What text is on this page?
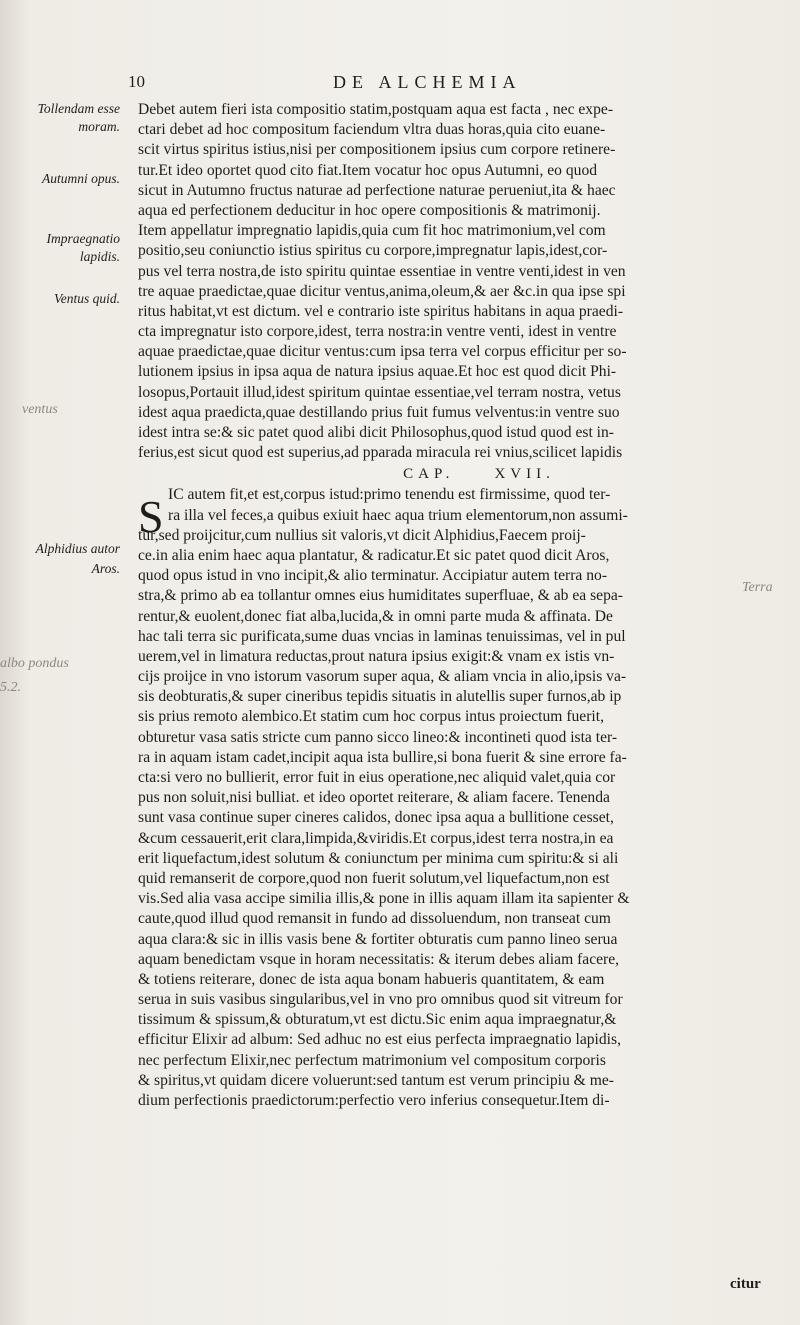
10	DE ALCHEMIA
Tollendam esse moram.
Autumni opus.
Impraegnatio lapidis.
Ventus quid.
Alphidius autor
Aros.
ventus
Terra
albo pondus
5.2.
S
Debet autem fieri ista compositio statim,postquam aqua est facta , nec expe-
ctari debet ad hoc compositum faciendum vltra duas horas,quia cito euane-
scit virtus spiritus istius,nisi per compositionem ipsius cum corpore retinere-
tur.Et ideo oportet quod cito fiat.Item vocatur hoc opus Autumni, eo quod
sicut in Autumno fructus naturae ad perfectione naturae perueniut,ita & haec
aqua ed perfectionem deducitur in hoc opere compositionis & matrimonij.
Item appellatur impregnatio lapidis,quia cum fit hoc matrimonium,vel com
positio,seu coniunctio istius spiritus cu corpore,impregnatur lapis,idest,cor-
pus vel terra nostra,de isto spiritu quintae essentiae in ventre venti,idest in ven
tre aquae praedictae,quae dicitur ventus,anima,oleum,& aer &c.in qua ipse spi
ritus habitat,vt est dictum. vel e contrario iste spiritus habitans in aqua praedi-
cta impregnatur isto corpore,idest, terra nostra:in ventre venti, idest in ventre
aquae praedictae,quae dicitur ventus:cum ipsa terra vel corpus efficitur per so-
lutionem ipsius in ipsa aqua de natura ipsius aquae.Et hoc est quod dicit Phi-
losopus,Portauit illud,idest spiritum quintae essentiae,vel terram nostra, vetus
idest aqua praedicta,quae destillando prius fuit fumus velventus:in ventre suo
idest intra se:& sic patet quod alibi dicit Philosophus,quod istud quod est in-
ferius,est sicut quod est superius,ad pparada miracula rei vnius,scilicet lapidis
CAP.	XVII.
IC autem fit,et est,corpus istud:primo tenendu est firmissime, quod ter-
ra illa vel feces,a quibus exiuit haec aqua trium elementorum,non assumi-
tur,sed proijcitur,cum nullius sit valoris,vt dicit Alphidius,Faecem proij-
ce.in alia enim haec aqua plantatur, & radicatur.Et sic patet quod dicit Aros,
quod opus istud in vno incipit,& alio terminatur. Accipiatur autem terra no-
stra,& primo ab ea tollantur omnes eius humiditates superfluae, & ab ea sepa-
rentur,& euolent,donec fiat alba,lucida,& in omni parte muda & affinata. De
hac tali terra sic purificata,sume duas vncias in laminas tenuissimas, vel in pul
uerem,vel in limatura reductas,prout natura ipsius exigit:& vnam ex istis vn-
cijs proijce in vno istorum vasorum super aqua, & aliam vncia in alio,ipsis va-
sis deobturatis,& super cineribus tepidis situatis in alutellis super furnos,ab ip
sis prius remoto alembico.Et statim cum hoc corpus intus proiectum fuerit,
obturetur vasa satis stricte cum panno sicco lineo:& incontineti quod ista ter-
ra in aquam istam cadet,incipit aqua ista bullire,si bona fuerit & sine errore fa-
cta:si vero no bullierit, error fuit in eius operatione,nec aliquid valet,quia cor
pus non soluit,nisi bulliat. et ideo oportet reiterare, & aliam facere. Tenenda
sunt vasa continue super cineres calidos, donec ipsa aqua a bullitione cesset,
&cum cessauerit,erit clara,limpida,&viridis.Et corpus,idest terra nostra,in ea
erit liquefactum,idest solutum & coniunctum per minima cum spiritu:& si ali
quid remanserit de corpore,quod non fuerit solutum,vel liquefactum,non est
vis.Sed alia vasa accipe similia illis,& pone in illis aquam illam ita sapienter &
caute,quod illud quod remansit in fundo ad dissoluendum, non transeat cum
aqua clara:& sic in illis vasis bene & fortiter obturatis cum panno lineo serua
aquam benedictam vsque in horam necessitatis: & iterum debes aliam facere,
& totiens reiterare, donec de ista aqua bonam habueris quantitatem, & eam
serua in suis vasibus singularibus,vel in vno pro omnibus quod sit vitreum for
tissimum & spissum,& obturatum,vt est dictu.Sic enim aqua impraegnatur,&
efficitur Elixir ad album: Sed adhuc no est eius perfecta impraegnatio lapidis,
nec perfectum Elixir,nec perfectum matrimonium vel compositum corporis
& spiritus,vt quidam dicere voluerunt:sed tantum est verum principiu & me-
dium perfectionis praedictorum:perfectio vero inferius consequetur.Item di-
citur
